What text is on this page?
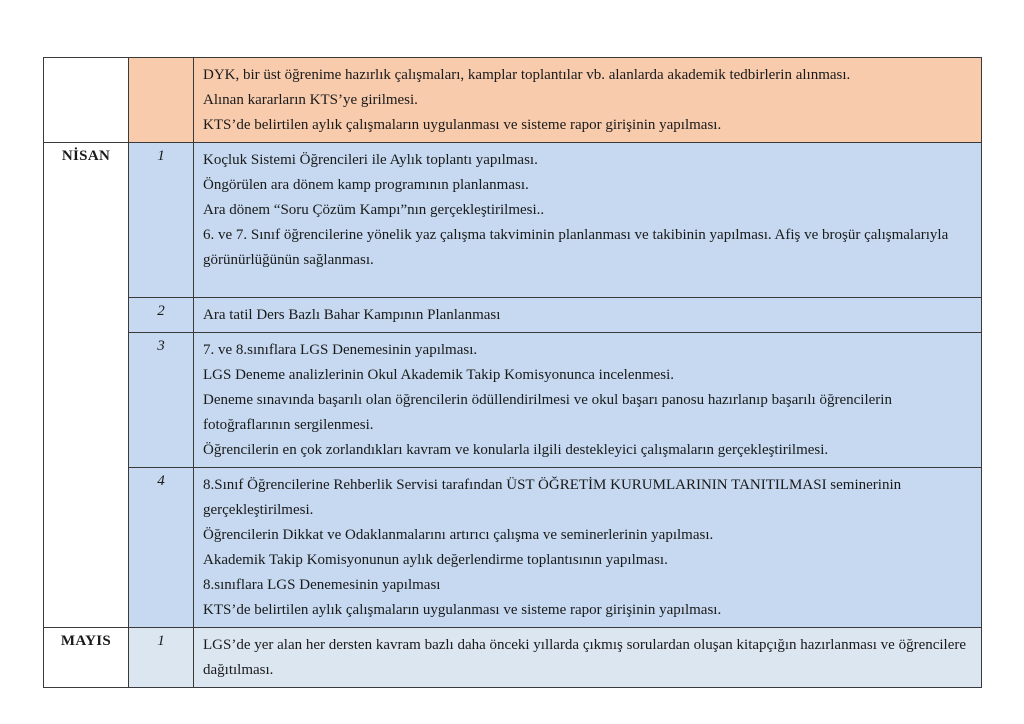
		DYK, bir üst öğrenime hazırlık çalışmaları, kamplar toplantılar vb. alanlarda akademik tedbirlerin alınması.

Alınan kararların KTS’ye girilmesi.

KTS’de belirtilen aylık çalışmaların uygulanması ve sisteme rapor girişinin yapılması.

NİSAN	1	Koçluk Sistemi Öğrencileri ile Aylık toplantı yapılması.

Öngörülen ara dönem kamp programının planlanması.

Ara dönem “Soru Çözüm Kampı”nın gerçekleştirilmesi..

6. ve 7. Sınıf öğrencilerine yönelik yaz çalışma takviminin planlanması ve takibinin yapılması. Afiş ve broşür çalışmalarıyla görünürlüğünün sağlanması.

	2	Ara tatil Ders Bazlı Bahar Kampının Planlanması

	3	7. ve 8.sınıflara LGS Denemesinin yapılması.

LGS Deneme analizlerinin Okul Akademik Takip Komisyonunca incelenmesi.

Deneme sınavında başarılı olan öğrencilerin ödüllendirilmesi ve okul başarı panosu hazırlanıp başarılı öğrencilerin fotoğraflarının sergilenmesi.

Öğrencilerin en çok zorlandıkları kavram ve konularla ilgili destekleyici çalışmaların gerçekleştirilmesi.

	4	8.Sınıf Öğrencilerine Rehberlik Servisi tarafından ÜST ÖĞRETİM KURUMLARININ TANITILMASI seminerinin gerçekleştirilmesi.

Öğrencilerin Dikkat ve Odaklanmalarını artırıcı çalışma ve seminerlerinin yapılması.

Akademik Takip Komisyonunun aylık değerlendirme toplantısının yapılması.

8.sınıflara LGS Denemesinin yapılması

KTS’de belirtilen aylık çalışmaların uygulanması ve sisteme rapor girişinin yapılması.

MAYIS	1	LGS’de yer alan her dersten kavram bazlı daha önceki yıllarda çıkmış sorulardan oluşan kitapçığın hazırlanması ve öğrencilere dağıtılması.
